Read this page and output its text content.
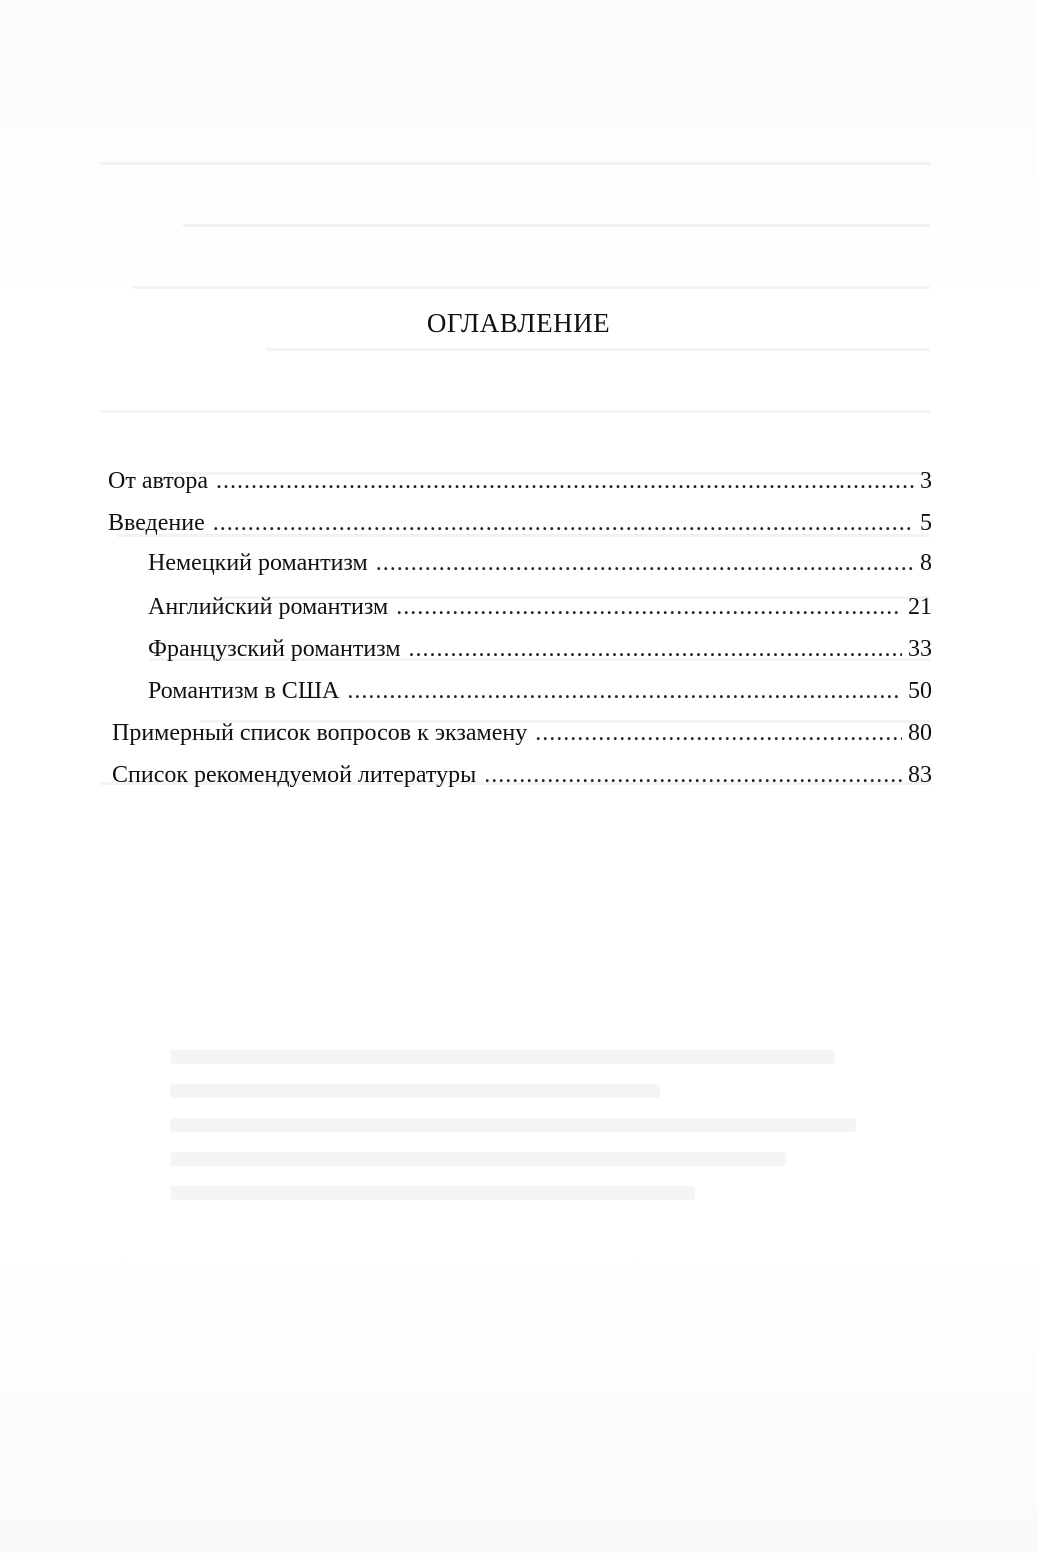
ОГЛАВЛЕНИЕ
От автора .....	3
Введение .....	5
Немецкий романтизм .....	8
Английский романтизм .....	21
Французский романтизм .....	33
Романтизм в США .....	50
Примерный список вопросов к экзамену .....	80
Список рекомендуемой литературы .....	83
